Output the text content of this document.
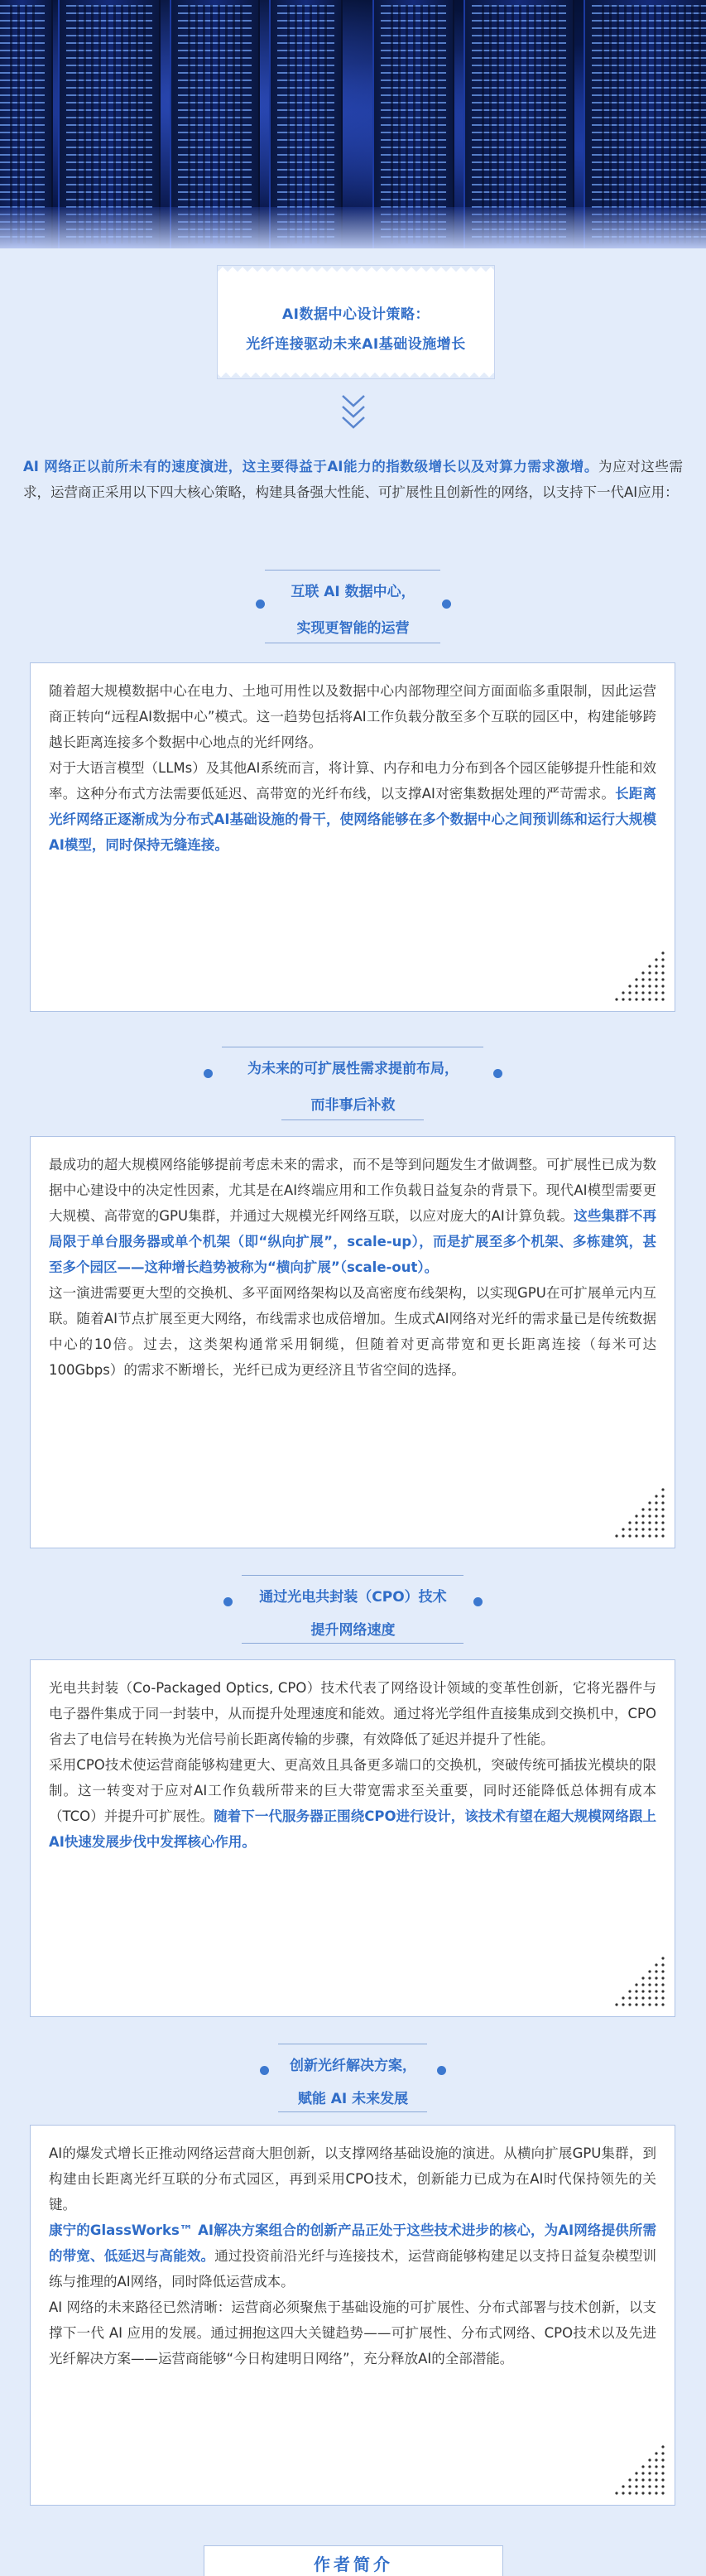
AI数据中心设计策略：
光纤连接驱动未来AI基础设施增长
AI 网络正以前所未有的速度演进，这主要得益于AI能力的指数级增长以及对算力需求激增。为应对这些需求，运营商正采用以下四大核心策略，构建具备强大性能、可扩展性且创新性的网络，以支持下一代AI应用：
互联 AI 数据中心，
实现更智能的运营

随着超大规模数据中心在电力、土地可用性以及数据中心内部物理空间方面面临多重限制，因此运营商正转向“远程AI数据中心”模式。这一趋势包括将AI工作负载分散至多个互联的园区中，构建能够跨越长距离连接多个数据中心地点的光纤网络。

对于大语言模型（LLMs）及其他AI系统而言，将计算、内存和电力分布到各个园区能够提升性能和效率。这种分布式方法需要低延迟、高带宽的光纤布线，以支撑AI对密集数据处理的严苛需求。长距离光纤网络正逐渐成为分布式AI基础设施的骨干，使网络能够在多个数据中心之间预训练和运行大规模AI模型，同时保持无缝连接。

为未来的可扩展性需求提前布局，
而非事后补救

最成功的超大规模网络能够提前考虑未来的需求，而不是等到问题发生才做调整。可扩展性已成为数据中心建设中的决定性因素，尤其是在AI终端应用和工作负载日益复杂的背景下。现代AI模型需要更大规模、高带宽的GPU集群，并通过大规模光纤网络互联，以应对庞大的AI计算负载。这些集群不再局限于单台服务器或单个机架（即“纵向扩展”，scale-up），而是扩展至多个机架、多栋建筑，甚至多个园区——这种增长趋势被称为“横向扩展”（scale-out）。

这一演进需要更大型的交换机、多平面网络架构以及高密度布线架构，以实现GPU在可扩展单元内互联。随着AI节点扩展至更大网络，布线需求也成倍增加。生成式AI网络对光纤的需求量已是传统数据中心的10倍。过去，这类架构通常采用铜缆，但随着对更高带宽和更长距离连接（每米可达100Gbps）的需求不断增长，光纤已成为更经济且节省空间的选择。

通过光电共封装（CPO）技术
提升网络速度

光电共封装（Co-Packaged Optics, CPO）技术代表了网络设计领域的变革性创新，它将光器件与电子器件集成于同一封装中，从而提升处理速度和能效。通过将光学组件直接集成到交换机中，CPO省去了电信号在转换为光信号前长距离传输的步骤，有效降低了延迟并提升了性能。

采用CPO技术使运营商能够构建更大、更高效且具备更多端口的交换机，突破传统可插拔光模块的限制。这一转变对于应对AI工作负载所带来的巨大带宽需求至关重要，同时还能降低总体拥有成本（TCO）并提升可扩展性。随着下一代服务器正围绕CPO进行设计，该技术有望在超大规模网络跟上AI快速发展步伐中发挥核心作用。

创新光纤解决方案，
赋能 AI 未来发展

AI的爆发式增长正推动网络运营商大胆创新，以支撑网络基础设施的演进。从横向扩展GPU集群，到构建由长距离光纤互联的分布式园区，再到采用CPO技术，创新能力已成为在AI时代保持领先的关键。

康宁的GlassWorks™ AI解决方案组合的创新产品正处于这些技术进步的核心，为AI网络提供所需的带宽、低延迟与高能效。通过投资前沿光纤与连接技术，运营商能够构建足以支持日益复杂模型训练与推理的AI网络，同时降低运营成本。

AI 网络的未来路径已然清晰：运营商必须聚焦于基础设施的可扩展性、分布式部署与技术创新，以支撑下一代 AI 应用的发展。通过拥抱这四大关键趋势——可扩展性、分布式网络、CPO技术以及先进光纤解决方案——运营商能够“今日构建明日网络”，充分释放AI的全部潜能。

作者简介
